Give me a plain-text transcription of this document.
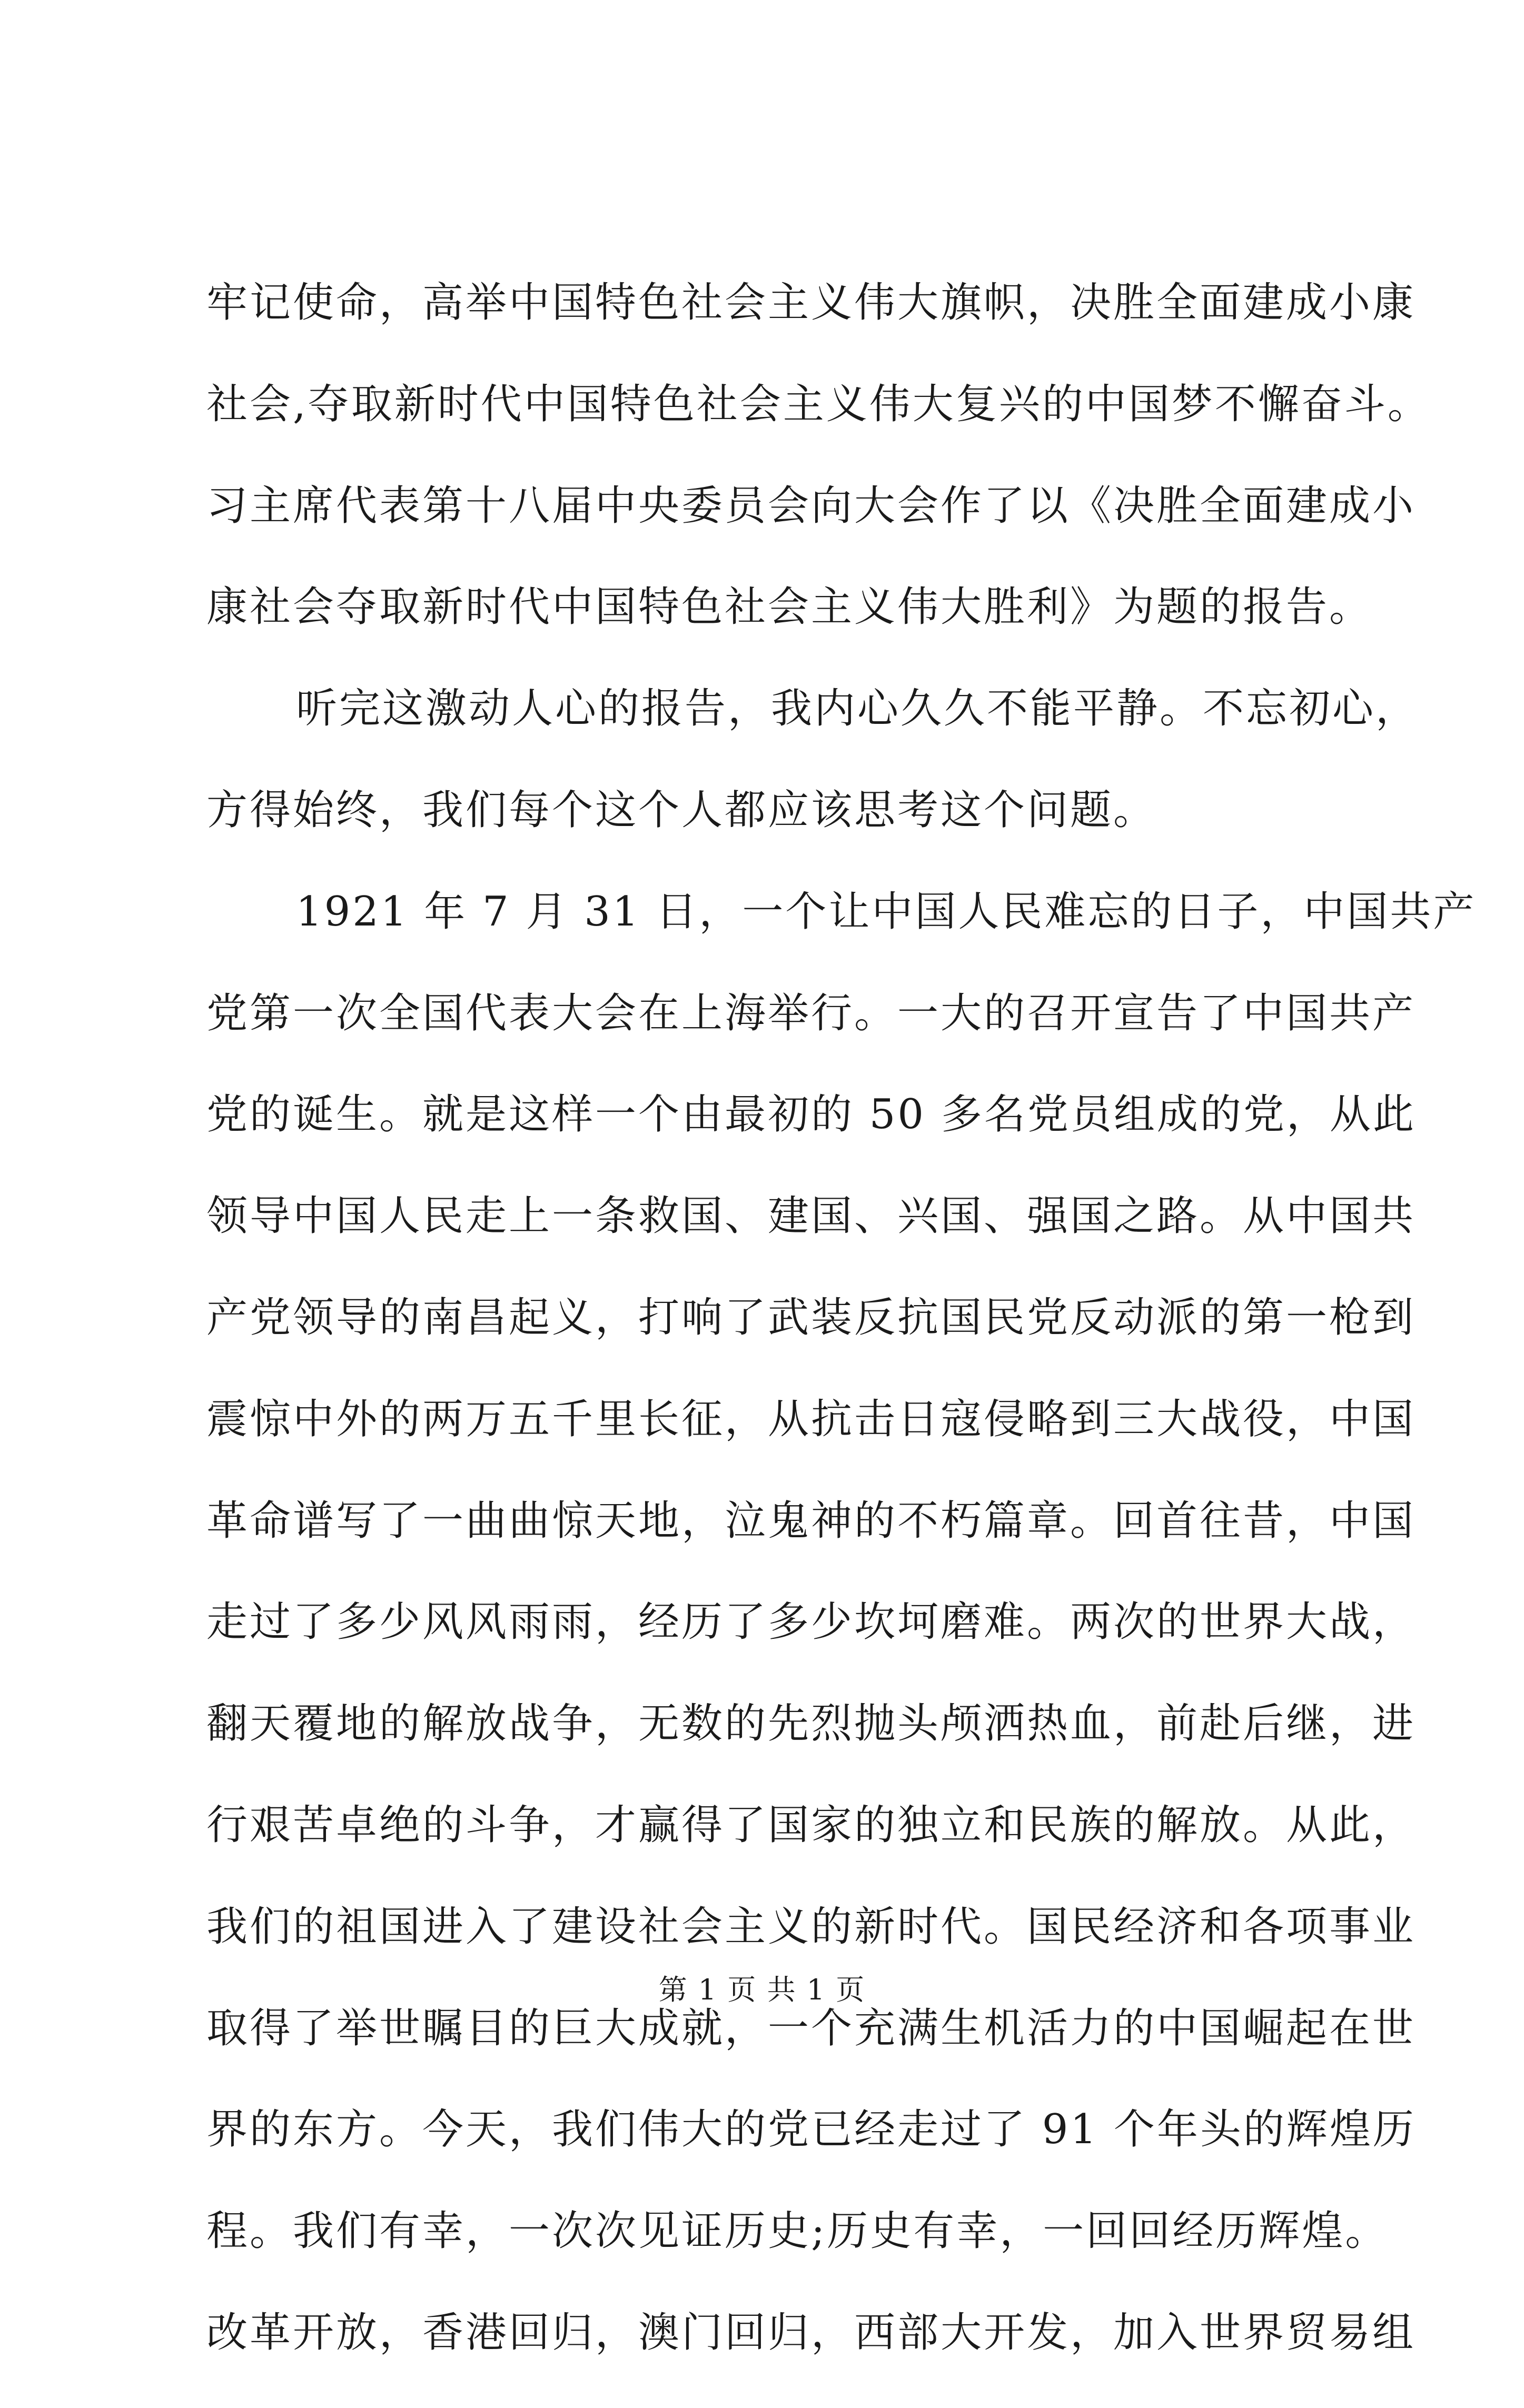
牢记使命，高举中国特色社会主义伟大旗帜，决胜全面建成小康
社会,夺取新时代中国特色社会主义伟大复兴的中国梦不懈奋斗。
习主席代表第十八届中央委员会向大会作了以《决胜全面建成小
康社会夺取新时代中国特色社会主义伟大胜利》为题的报告。
听完这激动人心的报告，我内心久久不能平静。不忘初心，
方得始终，我们每个这个人都应该思考这个问题。
1921 年 7 月 31 日，一个让中国人民难忘的日子，中国共产
党第一次全国代表大会在上海举行。一大的召开宣告了中国共产
党的诞生。就是这样一个由最初的 50 多名党员组成的党，从此
领导中国人民走上一条救国、建国、兴国、强国之路。从中国共
产党领导的南昌起义，打响了武装反抗国民党反动派的第一枪到
震惊中外的两万五千里长征，从抗击日寇侵略到三大战役，中国
革命谱写了一曲曲惊天地，泣鬼神的不朽篇章。回首往昔，中国
走过了多少风风雨雨，经历了多少坎坷磨难。两次的世界大战，
翻天覆地的解放战争，无数的先烈抛头颅洒热血，前赴后继，进
行艰苦卓绝的斗争，才赢得了国家的独立和民族的解放。从此，
我们的祖国进入了建设社会主义的新时代。国民经济和各项事业
取得了举世瞩目的巨大成就，一个充满生机活力的中国崛起在世
界的东方。今天，我们伟大的党已经走过了 91 个年头的辉煌历
程。我们有幸，一次次见证历史;历史有幸，一回回经历辉煌。
改革开放，香港回归，澳门回归，西部大开发，加入世界贸易组
第 1 页 共 1 页
